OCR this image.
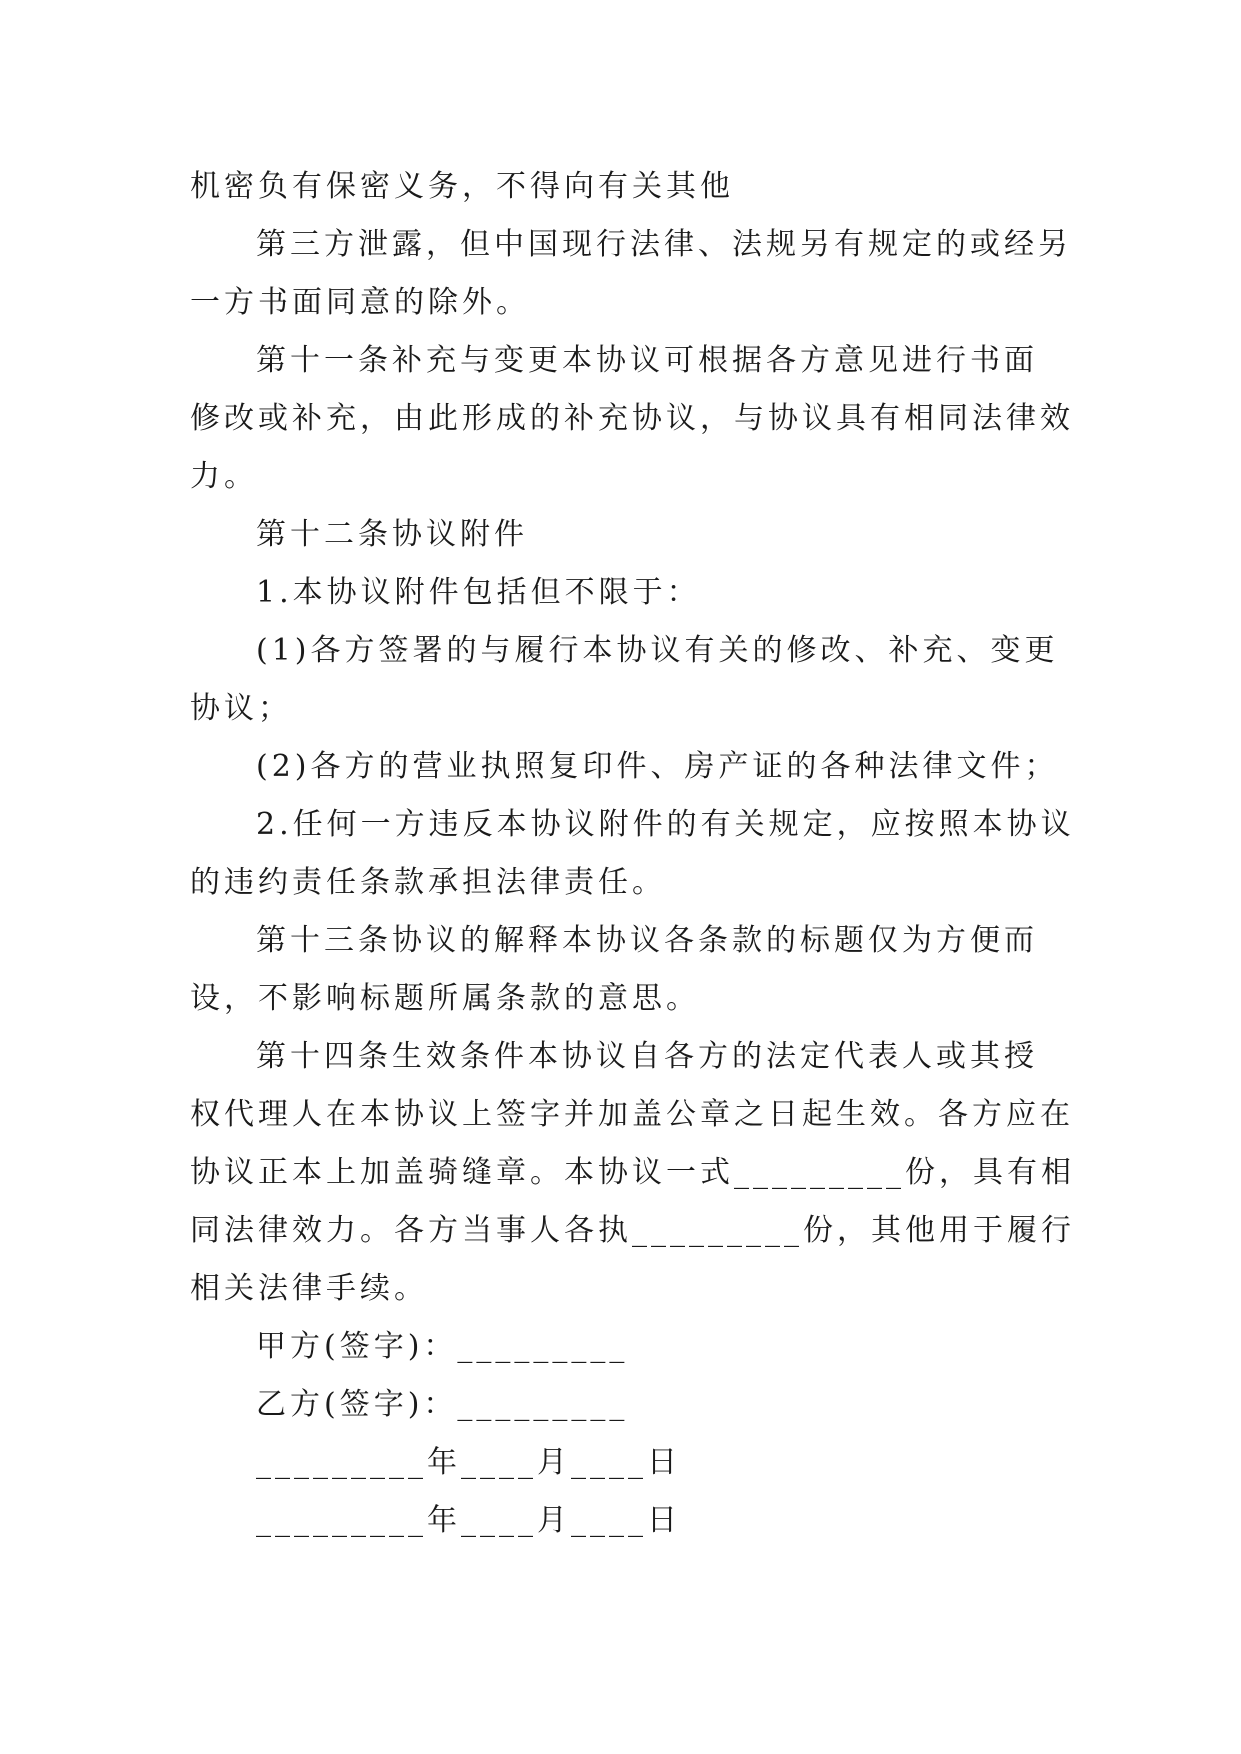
机密负有保密义务，不得向有关其他

第三方泄露，但中国现行法律、法规另有规定的或经另

一方书面同意的除外。

第十一条补充与变更本协议可根据各方意见进行书面

修改或补充，由此形成的补充协议，与协议具有相同法律效

力。

第十二条协议附件

1.本协议附件包括但不限于：

(1)各方签署的与履行本协议有关的修改、补充、变更

协议；

(2)各方的营业执照复印件、房产证的各种法律文件；

2.任何一方违反本协议附件的有关规定，应按照本协议

的违约责任条款承担法律责任。

第十三条协议的解释本协议各条款的标题仅为方便而

设，不影响标题所属条款的意思。

第十四条生效条件本协议自各方的法定代表人或其授

权代理人在本协议上签字并加盖公章之日起生效。各方应在

协议正本上加盖骑缝章。本协议一式_________份，具有相

同法律效力。各方当事人各执_________份，其他用于履行

相关法律手续。

甲方(签字)：_________

乙方(签字)：_________

_________年____月____日

_________年____月____日
